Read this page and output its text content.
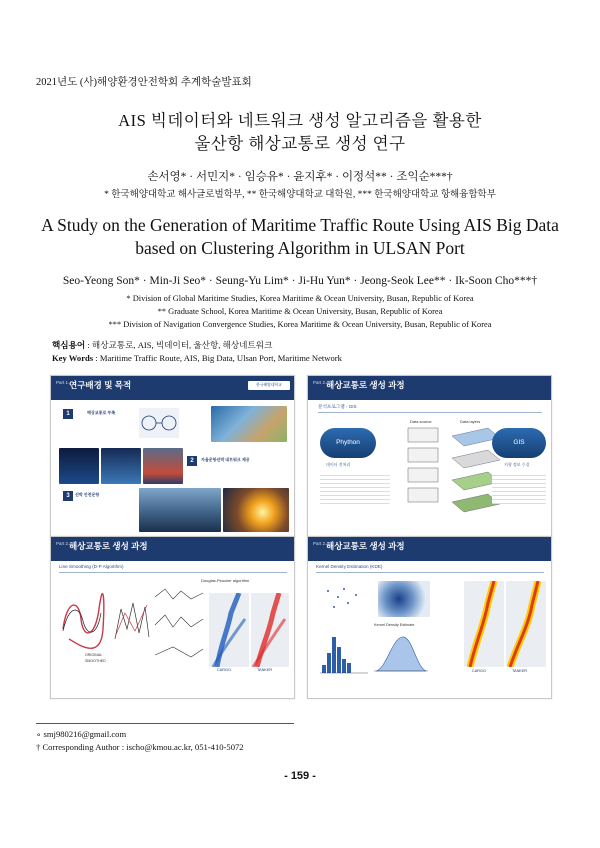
2021년도 (사)해양환경안전학회 추계학술발표회
AIS 빅데이터와 네트워크 생성 알고리즘을 활용한
울산항 해상교통로 생성 연구
손서영* · 서민지* · 임승유* · 윤지후* · 이정석** · 조익순***†
* 한국해양대학교 해사글로벌학부, ** 한국해양대학교 대학원, *** 한국해양대학교 항해융합학부
A Study on the Generation of Maritime Traffic Route Using AIS Big Data
based on Clustering Algorithm in ULSAN Port
Seo-Yeong Son* · Min-Ji Seo* · Seung-Yu Lim* · Ji-Hu Yun* · Jeong-Seok Lee** · Ik-Soon Cho***†
* Division of Global Maritime Studies, Korea Maritime & Ocean University, Busan, Republic of Korea
** Graduate School, Korea Maritime & Ocean University, Busan, Republic of Korea
*** Division of Navigation Convergence Studies, Korea Maritime & Ocean University, Busan, Republic of Korea
핵심용어 : 해상교통로, AIS, 빅데이터, 울산항, 해상네트워크
Key Words : Maritime Traffic Route, AIS, Big Data, Ulsan Port, Maritime Network
Part 1. 연구배경 및 목적	한국해양대학교
1	해상교통로 부족
2	자율운항선박 네트워크 제공
3	선박 안전운항
Part 2. 해상교통로 생성 과정
분석프로그램 - GIS
Phython
데이터 전처리
Data source	Data layers
GIS
지형 정보 수집
Part 2. 해상교통로 생성 과정
Line Smoothing (D-P Algorithm)
Douglas-Peucker algorithm
CARGO	TANKER
ORIGINAL
SMOOTHED
Part 2. 해상교통로 생성 과정
Kernel Density Estimation (KDE)
Kernel Density Estimate
CARGO	TANKER
∘ smj980216@gmail.com
† Corresponding Author : ischo@kmou.ac.kr, 051-410-5072
- 159 -
